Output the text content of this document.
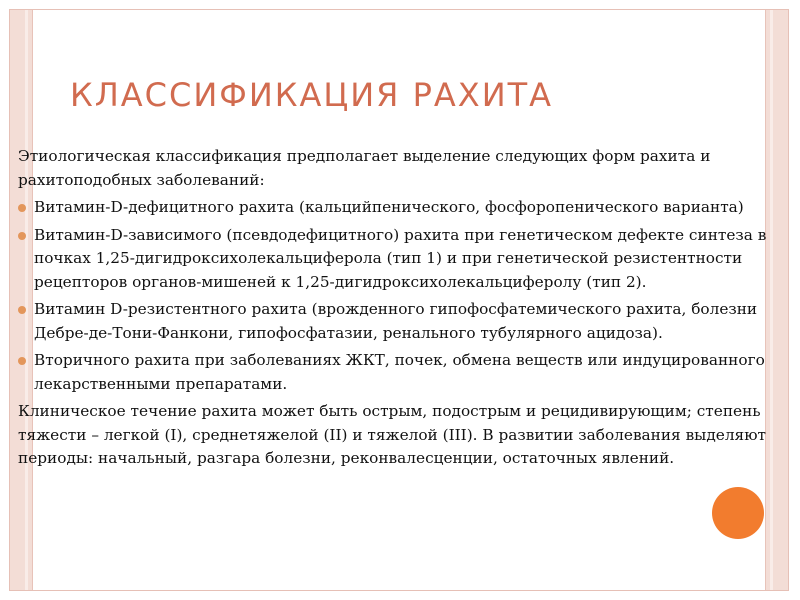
КЛАССИФИКАЦИЯ РАХИТА

Этиологическая классификация предполагает выделение следующих форм рахита и рахитоподобных заболеваний:

Витамин-D-дефицитного рахита (кальцийпенического, фосфоропенического варианта)
Витамин-D-зависимого (псевдодефицитного) рахита при генетическом дефекте синтеза в почках 1,25-дигидроксихолекальциферола (тип 1) и при генетической резистентности рецепторов органов-мишеней к 1,25-дигидроксихолекальциферолу (тип 2).
Витамин D-резистентного рахита (врожденного гипофосфатемического рахита, болезни Дебре-де-Тони-Фанкони, гипофосфатазии, ренального тубулярного ацидоза).
Вторичного рахита при заболеваниях ЖКТ, почек, обмена веществ или индуцированного лекарственными препаратами.

Клиническое течение рахита может быть острым, подострым и рецидивирующим; степень тяжести – легкой (I), среднетяжелой (II) и тяжелой (III). В развитии заболевания выделяют периоды: начальный, разгара болезни, реконвалесценции, остаточных явлений.
